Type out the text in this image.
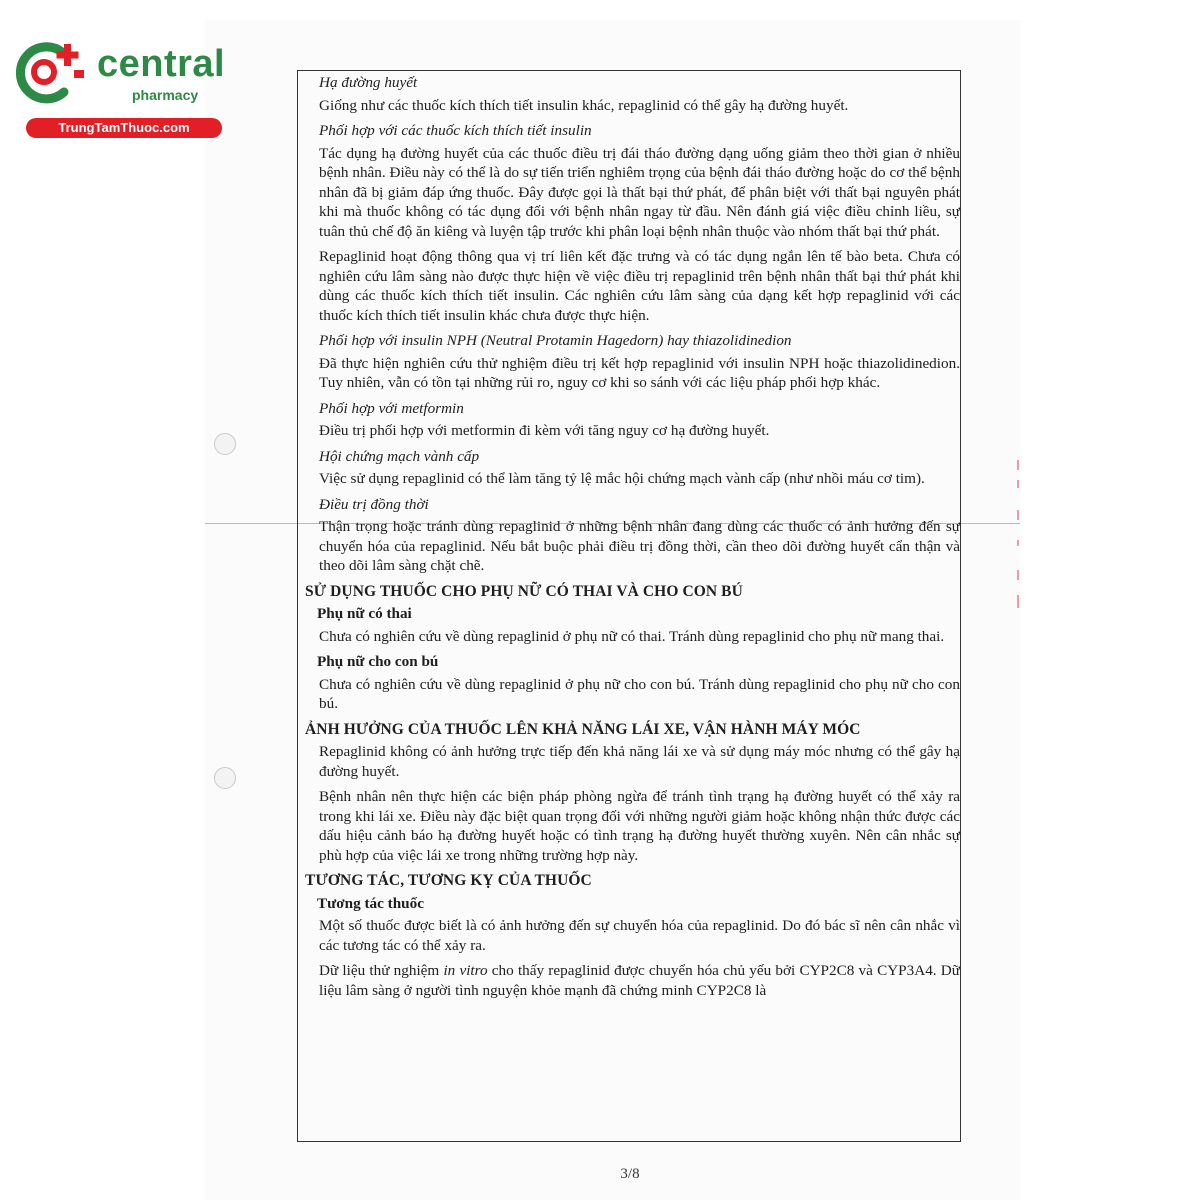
central
pharmacy
TrungTamThuoc.com
Hạ đường huyết
Giống như các thuốc kích thích tiết insulin khác, repaglinid có thể gây hạ đường huyết.
Phối hợp với các thuốc kích thích tiết insulin
Tác dụng hạ đường huyết của các thuốc điều trị đái tháo đường dạng uống giảm theo thời gian ở nhiều bệnh nhân. Điều này có thể là do sự tiến triển nghiêm trọng của bệnh đái tháo đường hoặc do cơ thể bệnh nhân đã bị giảm đáp ứng thuốc. Đây được gọi là thất bại thứ phát, để phân biệt với thất bại nguyên phát khi mà thuốc không có tác dụng đối với bệnh nhân ngay từ đầu. Nên đánh giá việc điều chỉnh liều, sự tuân thủ chế độ ăn kiêng và luyện tập trước khi phân loại bệnh nhân thuộc vào nhóm thất bại thứ phát.
Repaglinid hoạt động thông qua vị trí liên kết đặc trưng và có tác dụng ngắn lên tế bào beta. Chưa có nghiên cứu lâm sàng nào được thực hiện về việc điều trị repaglinid trên bệnh nhân thất bại thứ phát khi dùng các thuốc kích thích tiết insulin. Các nghiên cứu lâm sàng của dạng kết hợp repaglinid với các thuốc kích thích tiết insulin khác chưa được thực hiện.
Phối hợp với insulin NPH (Neutral Protamin Hagedorn) hay thiazolidinedion
Đã thực hiện nghiên cứu thử nghiệm điều trị kết hợp repaglinid với insulin NPH hoặc thiazolidinedion. Tuy nhiên, vẫn có tồn tại những rủi ro, nguy cơ khi so sánh với các liệu pháp phối hợp khác.
Phối hợp với metformin
Điều trị phối hợp với metformin đi kèm với tăng nguy cơ hạ đường huyết.
Hội chứng mạch vành cấp
Việc sử dụng repaglinid có thể làm tăng tỷ lệ mắc hội chứng mạch vành cấp (như nhồi máu cơ tim).
Điều trị đồng thời
Thận trọng hoặc tránh dùng repaglinid ở những bệnh nhân đang dùng các thuốc có ảnh hưởng đến sự chuyển hóa của repaglinid. Nếu bắt buộc phải điều trị đồng thời, cần theo dõi đường huyết cẩn thận và theo dõi lâm sàng chặt chẽ.
SỬ DỤNG THUỐC CHO PHỤ NỮ CÓ THAI VÀ CHO CON BÚ
Phụ nữ có thai
Chưa có nghiên cứu về dùng repaglinid ở phụ nữ có thai. Tránh dùng repaglinid cho phụ nữ mang thai.
Phụ nữ cho con bú
Chưa có nghiên cứu về dùng repaglinid ở phụ nữ cho con bú. Tránh dùng repaglinid cho phụ nữ cho con bú.
ẢNH HƯỞNG CỦA THUỐC LÊN KHẢ NĂNG LÁI XE, VẬN HÀNH MÁY MÓC
Repaglinid không có ảnh hưởng trực tiếp đến khả năng lái xe và sử dụng máy móc nhưng có thể gây hạ đường huyết.
Bệnh nhân nên thực hiện các biện pháp phòng ngừa để tránh tình trạng hạ đường huyết có thể xảy ra trong khi lái xe. Điều này đặc biệt quan trọng đối với những người giảm hoặc không nhận thức được các dấu hiệu cảnh báo hạ đường huyết hoặc có tình trạng hạ đường huyết thường xuyên. Nên cân nhắc sự phù hợp của việc lái xe trong những trường hợp này.
TƯƠNG TÁC, TƯƠNG KỴ CỦA THUỐC
Tương tác thuốc
Một số thuốc được biết là có ảnh hưởng đến sự chuyển hóa của repaglinid. Do đó bác sĩ nên cân nhắc vì các tương tác có thể xảy ra.
Dữ liệu thử nghiệm in vitro cho thấy repaglinid được chuyển hóa chủ yếu bởi CYP2C8 và CYP3A4. Dữ liệu lâm sàng ở người tình nguyện khỏe mạnh đã chứng minh CYP2C8 là
3/8
